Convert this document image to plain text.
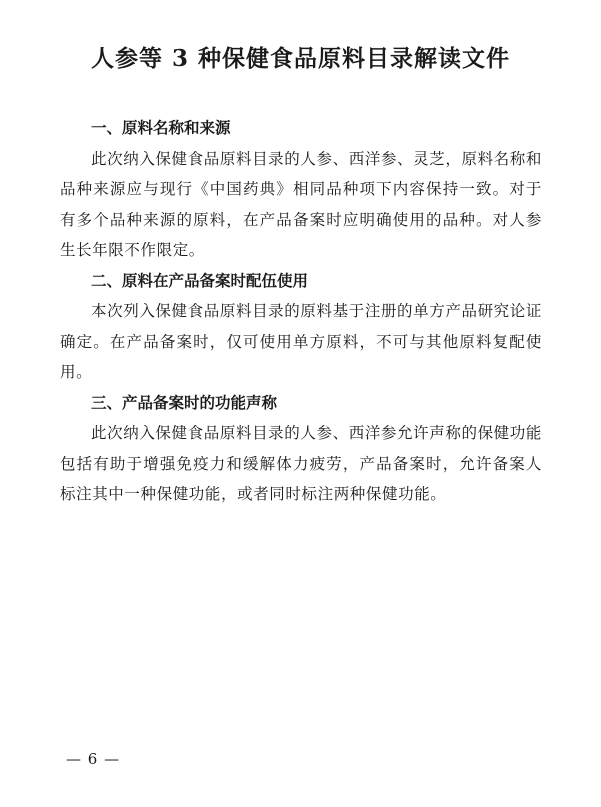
人参等 3 种保健食品原料目录解读文件

一、原料名称和来源

此次纳入保健食品原料目录的人参、西洋参、灵芝，原料名称和品种来源应与现行《中国药典》相同品种项下内容保持一致。对于有多个品种来源的原料，在产品备案时应明确使用的品种。对人参生长年限不作限定。

二、原料在产品备案时配伍使用

本次列入保健食品原料目录的原料基于注册的单方产品研究论证确定。在产品备案时，仅可使用单方原料，不可与其他原料复配使用。

三、产品备案时的功能声称

此次纳入保健食品原料目录的人参、西洋参允许声称的保健功能包括有助于增强免疫力和缓解体力疲劳，产品备案时，允许备案人标注其中一种保健功能，或者同时标注两种保健功能。

— 6 —
